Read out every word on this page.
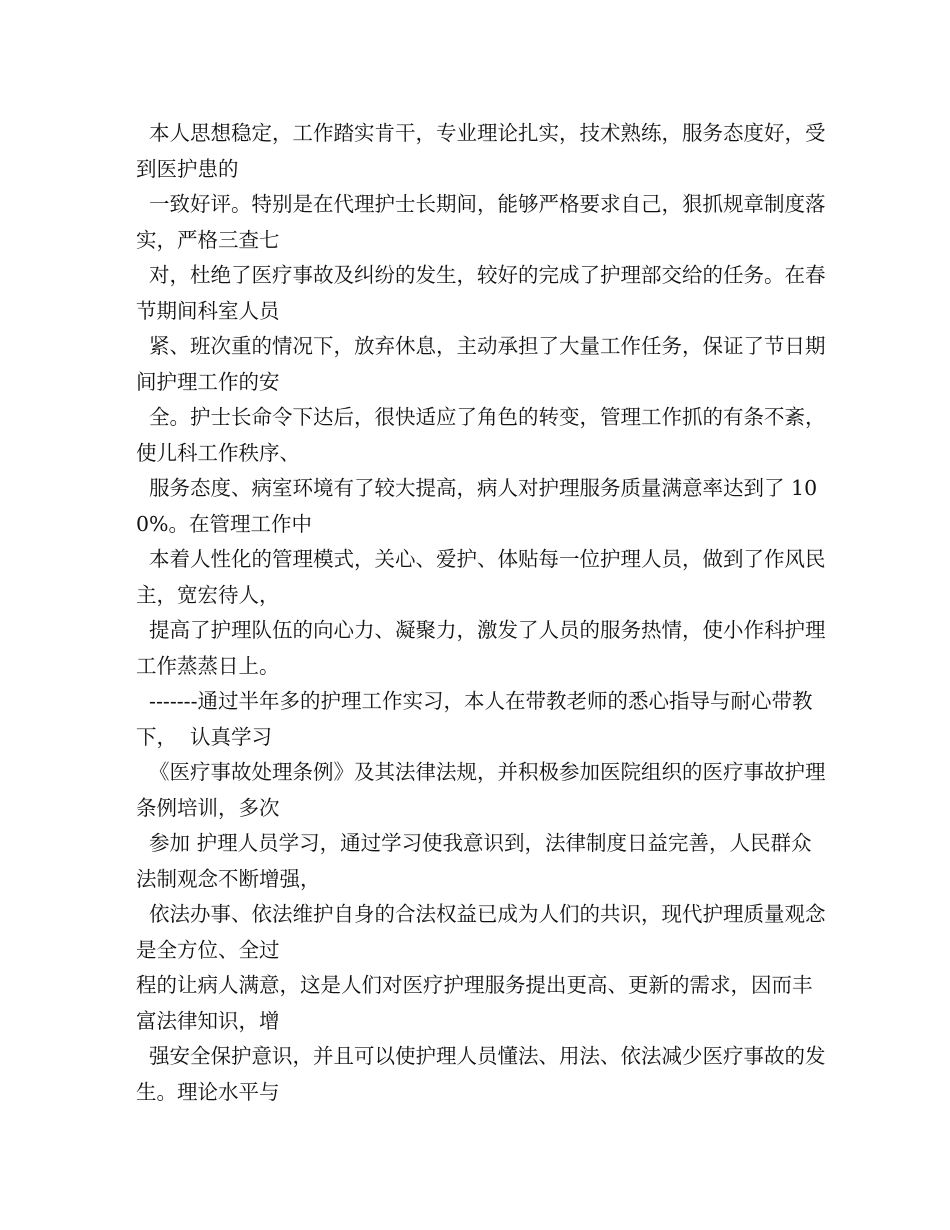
本人思想稳定，工作踏实肯干，专业理论扎实，技术熟练，服务态度好，受到医护患的

一致好评。特别是在代理护士长期间，能够严格要求自己，狠抓规章制度落实，严格三查七

对，杜绝了医疗事故及纠纷的发生，较好的完成了护理部交给的任务。在春节期间科室人员

紧、班次重的情况下，放弃休息，主动承担了大量工作任务，保证了节日期间护理工作的安

全。护士长命令下达后，很快适应了角色的转变，管理工作抓的有条不紊，使儿科工作秩序、

服务态度、病室环境有了较大提高，病人对护理服务质量满意率达到了 100%。在管理工作中

本着人性化的管理模式，关心、爱护、体贴每一位护理人员，做到了作风民主，宽宏待人，

提高了护理队伍的向心力、凝聚力，激发了人员的服务热情，使小作科护理工作蒸蒸日上。

-------通过半年多的护理工作实习，本人在带教老师的悉心指导与耐心带教下，  认真学习

《医疗事故处理条例》及其法律法规，并积极参加医院组织的医疗事故护理条例培训，多次

参加 护理人员学习，通过学习使我意识到，法律制度日益完善，人民群众法制观念不断增强，

依法办事、依法维护自身的合法权益已成为人们的共识，现代护理质量观念是全方位、全过

程的让病人满意，这是人们对医疗护理服务提出更高、更新的需求，因而丰富法律知识，增

强安全保护意识，并且可以使护理人员懂法、用法、依法减少医疗事故的发生。理论水平与
